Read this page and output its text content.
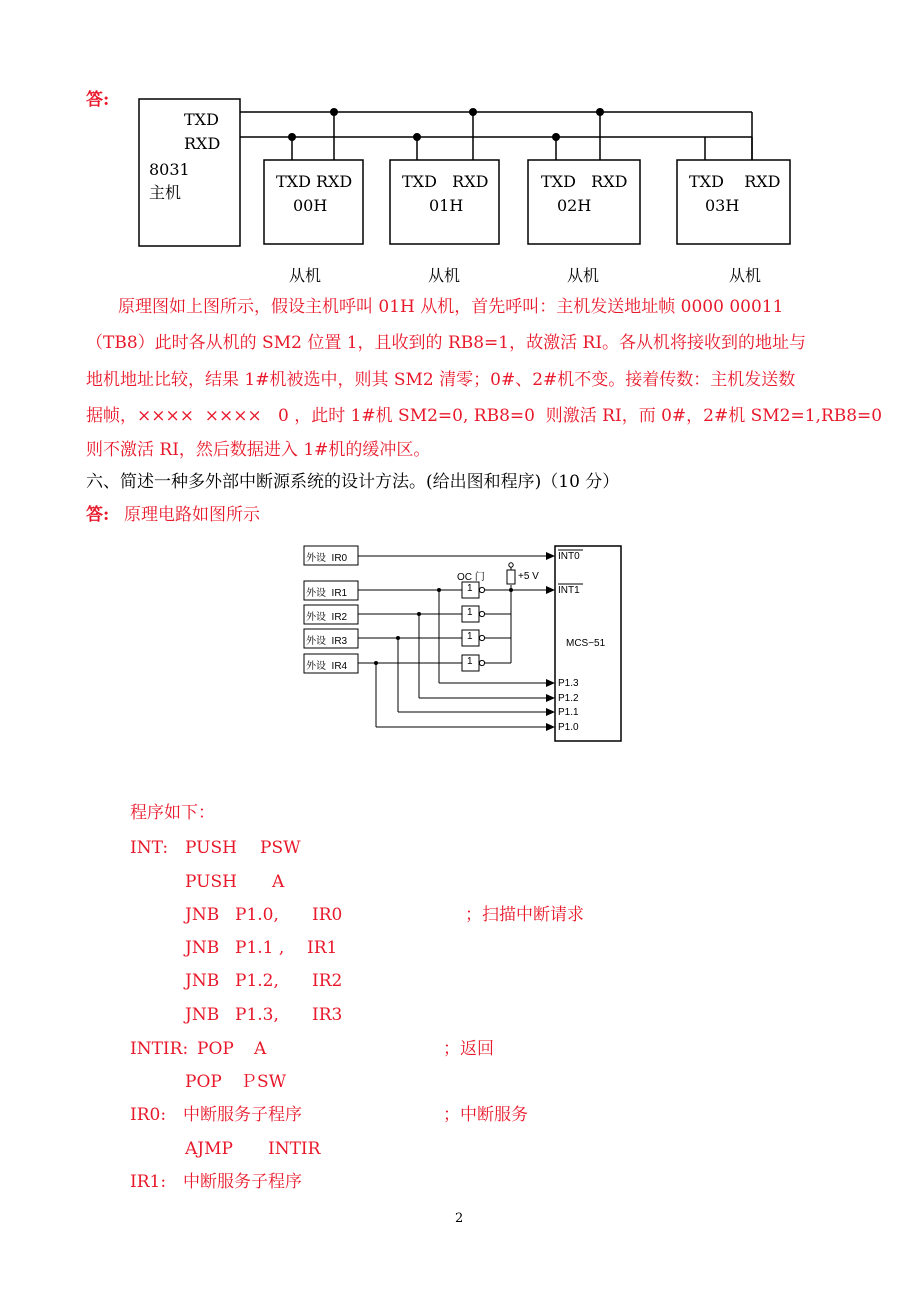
答:
TXD
RXD
8031
主机
TXD RXD
00H
从机
TXD   RXD
01H
从机
TXD   RXD
02H
从机
TXD    RXD
03H
从机
原理图如上图所示，假设主机呼叫 01H 从机，首先呼叫：主机发送地址帧 0000 00011
（TB8）此时各从机的 SM2 位置 1，且收到的 RB8=1，故激活 RI。各从机将接收到的地址与
地机地址比较，结果 1#机被选中，则其 SM2 清零；0#、2#机不变。接着传数：主机发送数
据帧，××××  ××××   0 ，此时 1#机 SM2=0, RB8=0  则激活 RI，而 0#，2#机 SM2=1,RB8=0
则不激活 RI，然后数据进入 1#机的缓冲区。
六、简述一种多外部中断源系统的设计方法。(给出图和程序)（10 分）
答: 原理电路如图所示
外设  IR0
外设  IR1
外设  IR2
外设  IR3
外设  IR4
OC 门
1
1
1
1
+5 V
MCS−51
INT0
INT1
P1.3
P1.2
P1.1
P1.0
程序如下：
INT: PUSH PSW
PUSH A
JNB P1.0, IR0	；扫描中断请求
JNB P1.1 , IR1
JNB P1.2, IR2
JNB P1.3, IR3
INTIR: POP A	；返回
POP ＰSW
IR0: 中断服务子程序	；中断服务
AJMP INTIR
IR1: 中断服务子程序
2
